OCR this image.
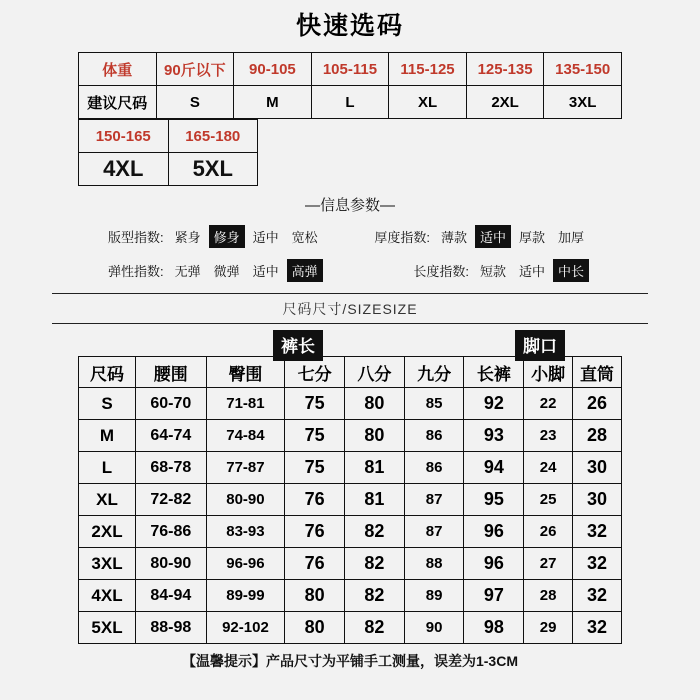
快速选码
体重	90斤以下	90-105	105-115	115-125	125-135	135-150
建议尺码	S	M	L	XL	2XL	3XL
150-165	165-180
4XL	5XL
—信息参数—
版型指数: 紧身	修身	适中	宽松	厚度指数: 薄款	适中	厚款	加厚
弹性指数: 无弹	微弹	适中	高弹	长度指数: 短款	适中	中长
尺码尺寸/SIZESIZE
裤长	脚口
尺码	腰围	臀围	七分	八分	九分	长裤	小脚	直筒
S	60-70	71-81	75	80	85	92	22	26
M	64-74	74-84	75	80	86	93	23	28
L	68-78	77-87	75	81	86	94	24	30
XL	72-82	80-90	76	81	87	95	25	30
2XL	76-86	83-93	76	82	87	96	26	32
3XL	80-90	96-96	76	82	88	96	27	32
4XL	84-94	89-99	80	82	89	97	28	32
5XL	88-98	92-102	80	82	90	98	29	32
【温馨提示】产品尺寸为平铺手工测量，误差为1-3CM
